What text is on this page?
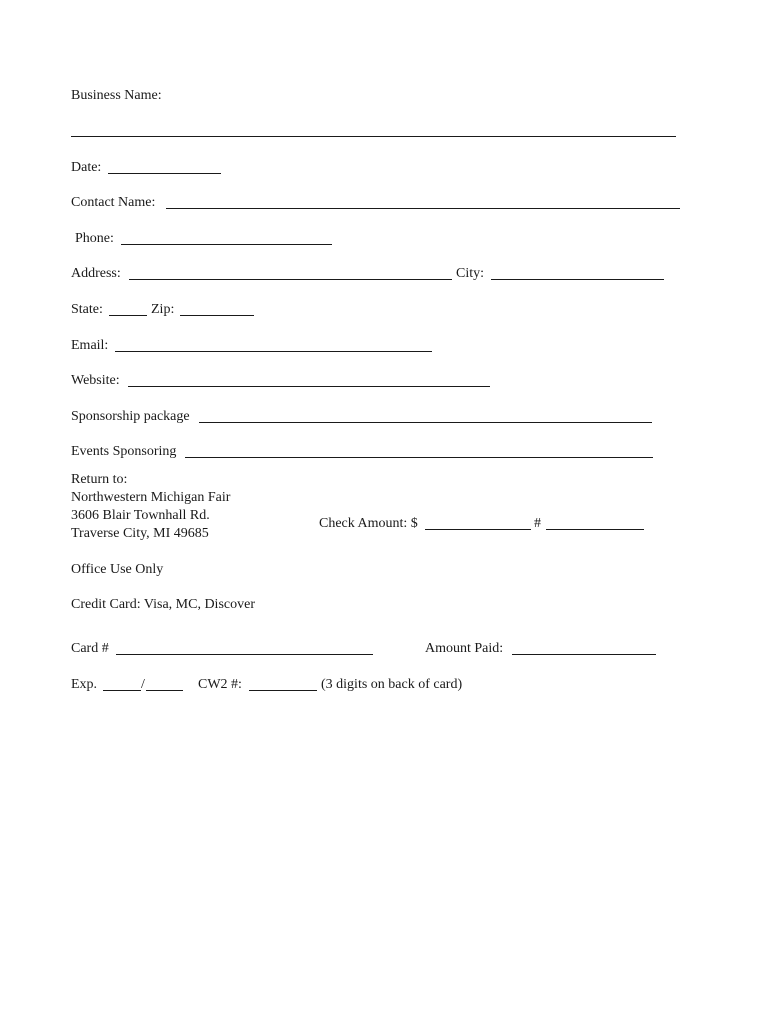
Business Name:
Date:
Contact Name:
Phone:
Address:	City:
State:	Zip:
Email:
Website:
Sponsorship package
Events Sponsoring
Return to:
Northwestern Michigan Fair
3606 Blair Townhall Rd.
Traverse City, MI 49685
Check Amount: $	#
Office Use Only
Credit Card: Visa, MC, Discover
Card #	Amount Paid:
Exp.	/	CW2 #:	(3 digits on back of card)
